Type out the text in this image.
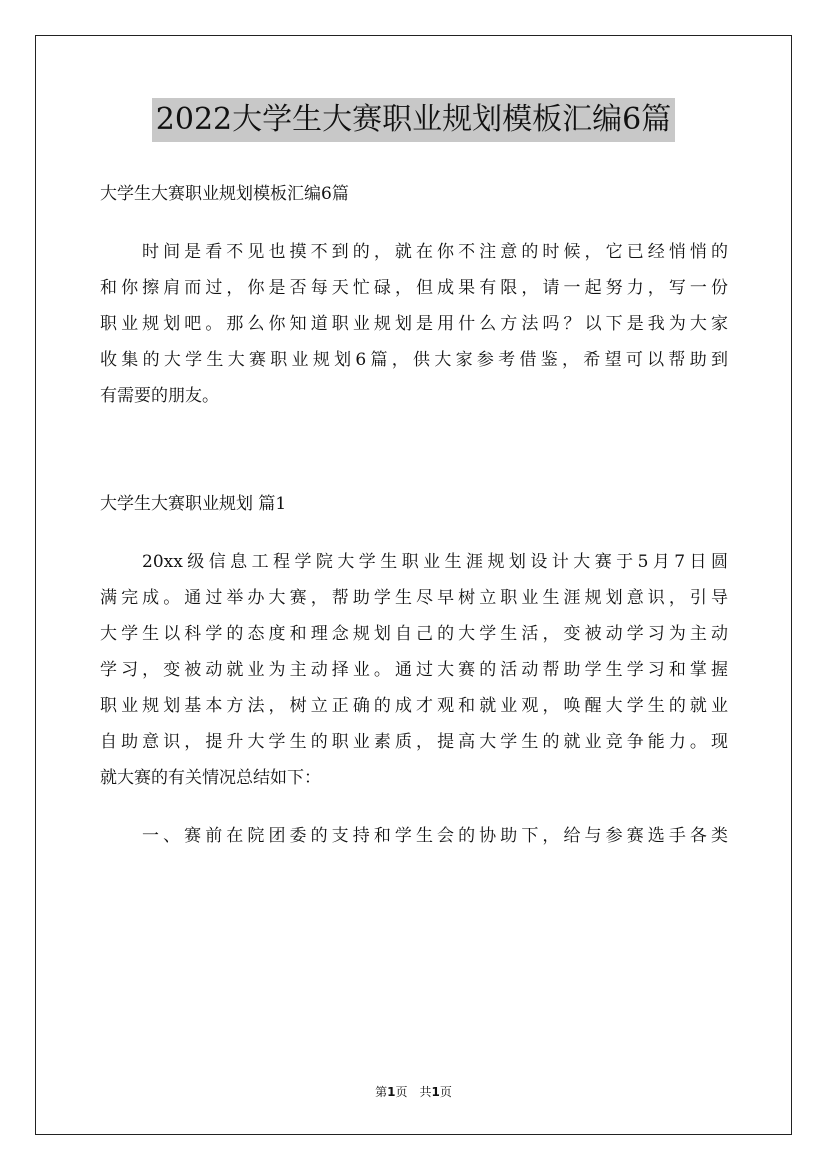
2022大学生大赛职业规划模板汇编6篇
大学生大赛职业规划模板汇编6篇
时间是看不见也摸不到的，就在你不注意的时候，它已经悄悄的
和你擦肩而过，你是否每天忙碌，但成果有限，请一起努力，写一份
职业规划吧。那么你知道职业规划是用什么方法吗？以下是我为大家
收集的大学生大赛职业规划6篇，供大家参考借鉴，希望可以帮助到
有需要的朋友。
大学生大赛职业规划 篇1
20xx级信息工程学院大学生职业生涯规划设计大赛于5月7日圆
满完成。通过举办大赛，帮助学生尽早树立职业生涯规划意识，引导
大学生以科学的态度和理念规划自己的大学生活，变被动学习为主动
学习，变被动就业为主动择业。通过大赛的活动帮助学生学习和掌握
职业规划基本方法，树立正确的成才观和就业观，唤醒大学生的就业
自助意识，提升大学生的职业素质，提高大学生的就业竞争能力。现
就大赛的有关情况总结如下：
一、赛前在院团委的支持和学生会的协助下，给与参赛选手各类
第1页　共1页
